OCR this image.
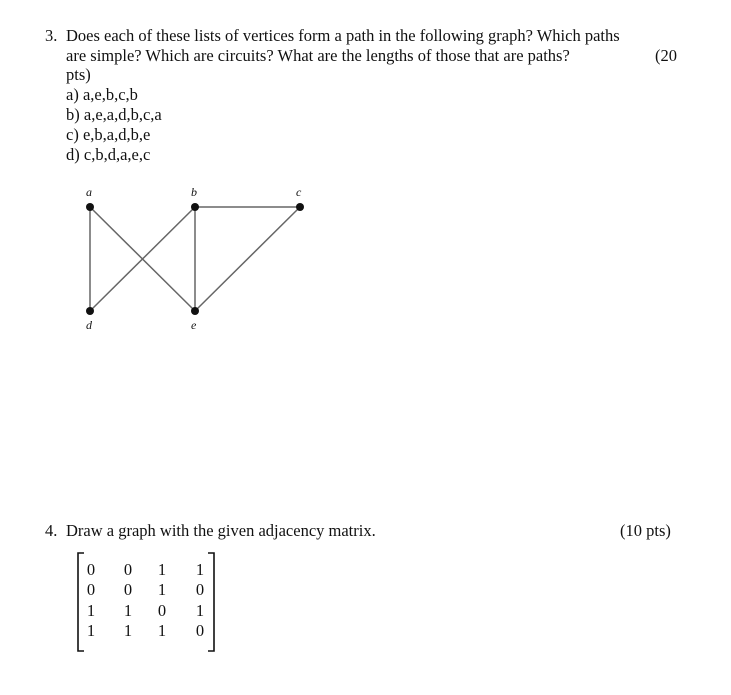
3. Does each of these lists of vertices form a path in the following graph? Which paths
are simple? Which are circuits? What are the lengths of those that are paths?	(20
pts)
a) a,e,b,c,b
b) a,e,a,d,b,c,a
c) e,b,a,d,b,e
d) c,b,d,a,e,c
a	b	c
d	e
4. Draw a graph with the given adjacency matrix.	(10 pts)
0	0	1	1
0	0	1	0
1	1	0	1
1	1	1	0
